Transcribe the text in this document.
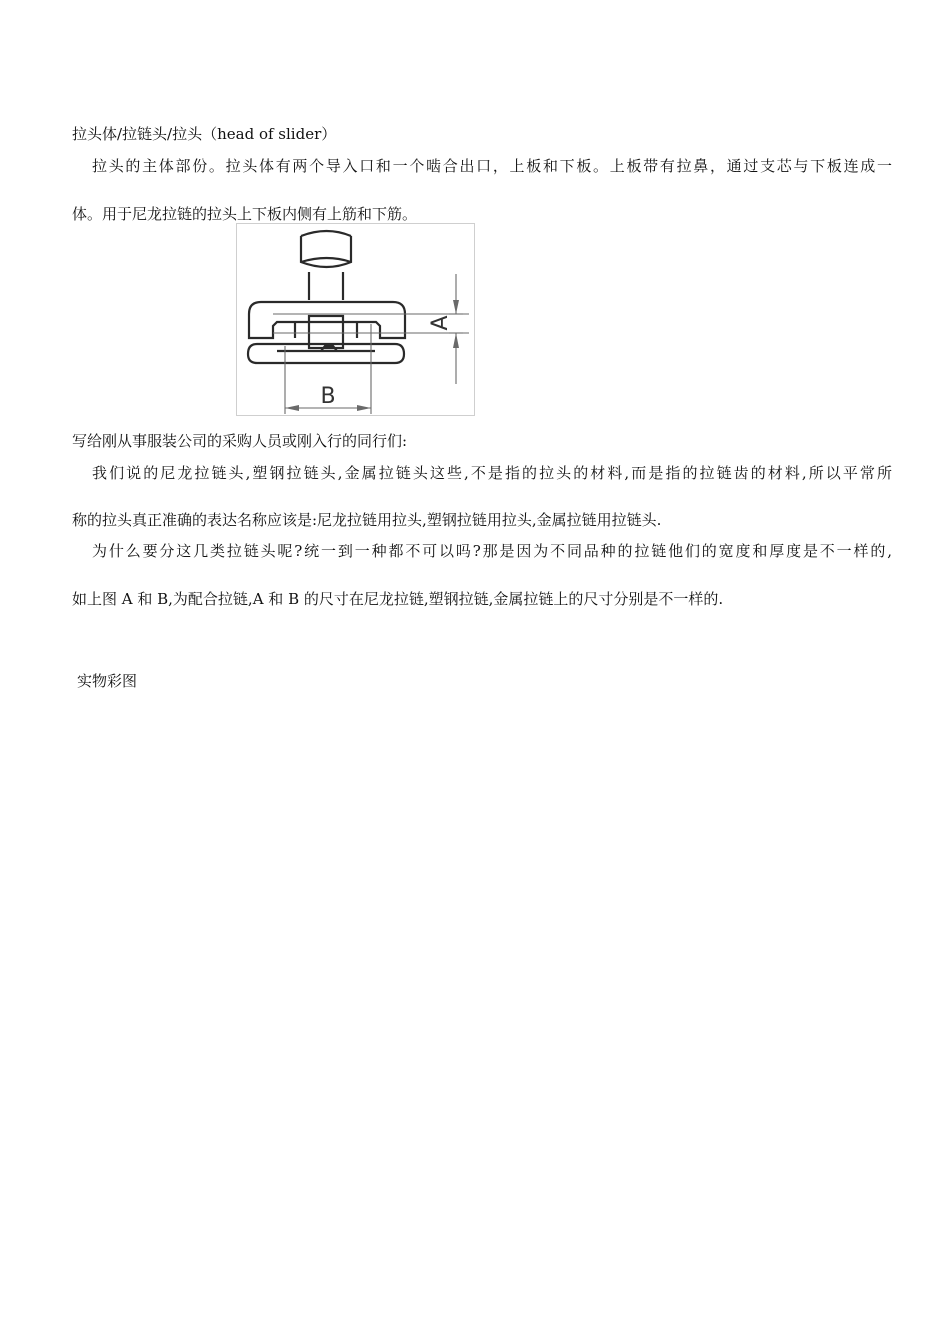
拉头体/拉链头/拉头（head of slider）
拉头的主体部份。拉头体有两个导入口和一个啮合出口，上板和下板。上板带有拉鼻，通过支芯与下板连成一
体。用于尼龙拉链的拉头上下板内侧有上筋和下筋。
A
B
写给刚从事服装公司的采购人员或刚入行的同行们:
我们说的尼龙拉链头,塑钢拉链头,金属拉链头这些,不是指的拉头的材料,而是指的拉链齿的材料,所以平常所
称的拉头真正准确的表达名称应该是:尼龙拉链用拉头,塑钢拉链用拉头,金属拉链用拉链头.
为什么要分这几类拉链头呢?统一到一种都不可以吗?那是因为不同品种的拉链他们的宽度和厚度是不一样的,
如上图 A 和 B,为配合拉链,A 和 B 的尺寸在尼龙拉链,塑钢拉链,金属拉链上的尺寸分别是不一样的.
实物彩图
